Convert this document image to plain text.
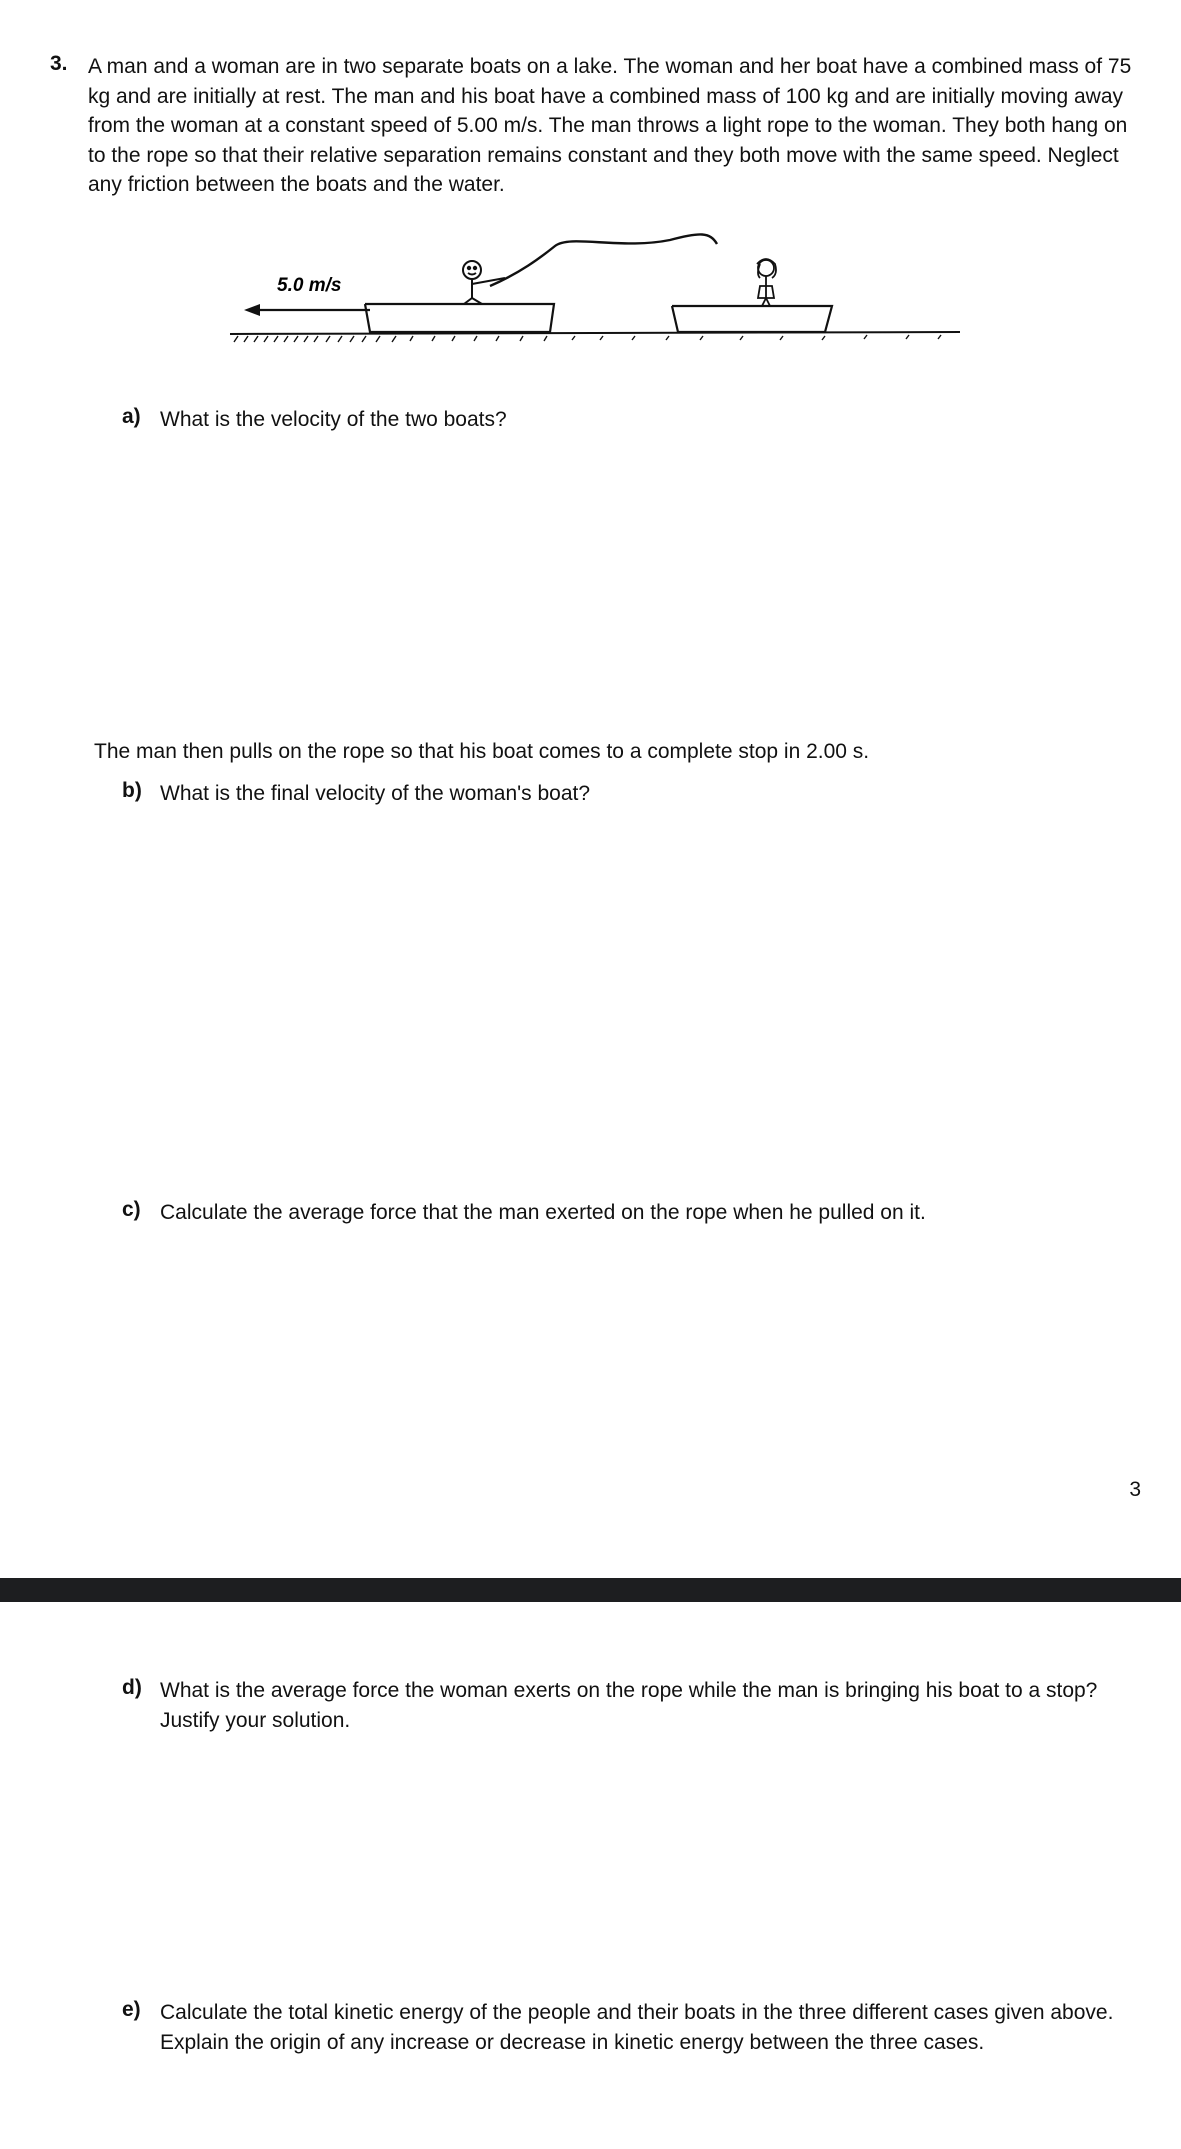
3. A man and a woman are in two separate boats on a lake. The woman and her boat have a combined mass of 75 kg and are initially at rest. The man and his boat have a combined mass of 100 kg and are initially moving away from the woman at a constant speed of 5.00 m/s. The man throws a light rope to the woman. They both hang on to the rope so that their relative separation remains constant and they both move with the same speed. Neglect any friction between the boats and the water.
5.0 m/s
a) What is the velocity of the two boats?
The man then pulls on the rope so that his boat comes to a complete stop in 2.00 s.
b) What is the final velocity of the woman's boat?
c) Calculate the average force that the man exerted on the rope when he pulled on it.
3
d) What is the average force the woman exerts on the rope while the man is bringing his boat to a stop? Justify your solution.
e) Calculate the total kinetic energy of the people and their boats in the three different cases given above. Explain the origin of any increase or decrease in kinetic energy between the three cases.
